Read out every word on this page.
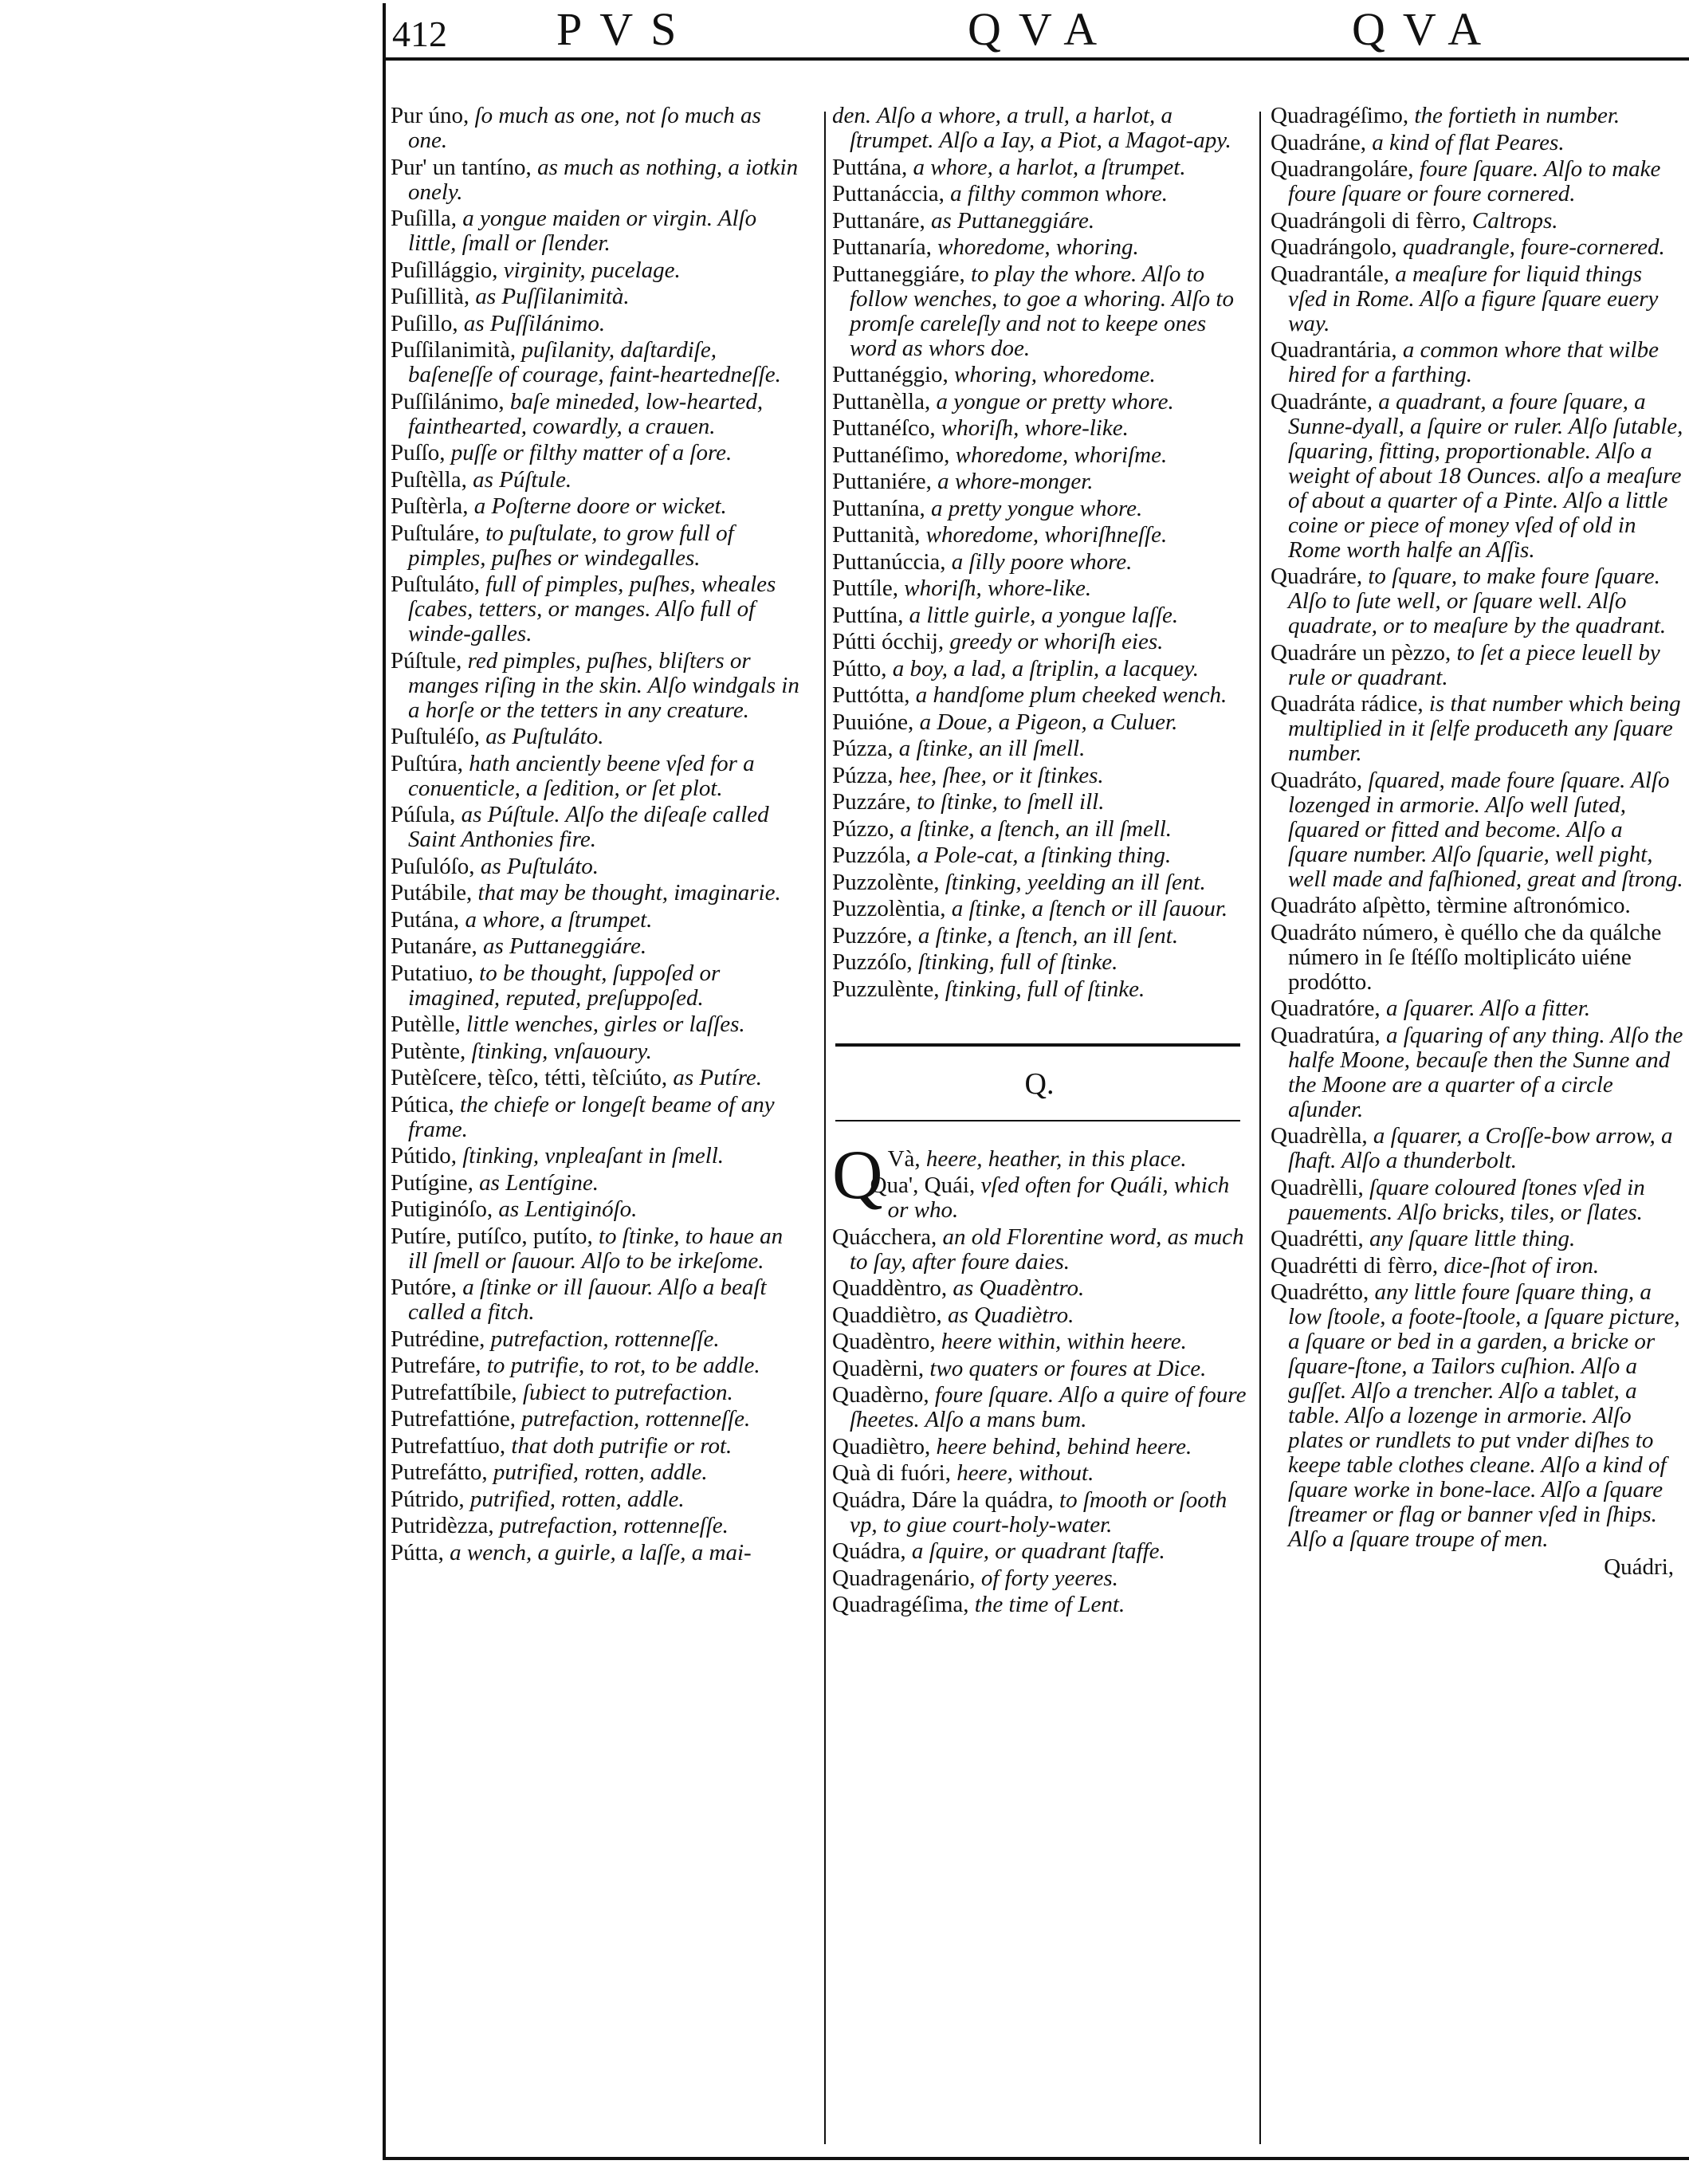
412 PVS	QVA	QVA

Pur úno, ſo much as one, not ſo much as one.

Pur' un tantíno, as much as nothing, a iotkin onely.

Puſilla, a yongue maiden or virgin. Alſo little, ſmall or ſlender.

Puſillággio, virginity, pucelage.

Puſillità, as Puſſilanimità.

Puſillo, as Puſſilánimo.

Puſſilanimità, puſilanity, daſtardiſe, baſeneſſe of courage, faint-heartedneſſe.

Puſſilánimo, baſe mineded, low-hearted, fainthearted, cowardly, a crauen.

Puſſo, puſſe or filthy matter of a ſore.

Puſtèlla, as Púſtule.

Puſtèrla, a Poſterne doore or wicket.

Puſtuláre, to puſtulate, to grow full of pimples, puſhes or windegalles.

Puſtuláto, full of pimples, puſhes, wheales ſcabes, tetters, or manges. Alſo full of winde-galles.

Púſtule, red pimples, puſhes, bliſters or manges riſing in the skin. Alſo windgals in a horſe or the tetters in any creature.

Puſtuléſo, as Puſtuláto.

Puſtúra, hath anciently beene vſed for a conuenticle, a ſedition, or ſet plot.

Púſula, as Púſtule. Alſo the diſeaſe called Saint Anthonies fire.

Puſulóſo, as Puſtuláto.

Putábile, that may be thought, imaginarie.

Putána, a whore, a ſtrumpet.

Putanáre, as Puttaneggiáre.

Putatiuo, to be thought, ſuppoſed or imagined, reputed, preſuppoſed.

Putèlle, little wenches, girles or laſſes.

Putènte, ſtinking, vnſauoury.

Putèſcere, tèſco, tétti, tèſciúto, as Putíre.

Pútica, the chiefe or longeſt beame of any frame.

Pútido, ſtinking, vnpleaſant in ſmell.

Putígine, as Lentígine.

Putiginóſo, as Lentiginóſo.

Putíre, putíſco, putíto, to ſtinke, to haue an ill ſmell or ſauour. Alſo to be irkeſome.

Putóre, a ſtinke or ill ſauour. Alſo a beaſt called a fitch.

Putrédine, putrefaction, rottenneſſe.

Putrefáre, to putrifie, to rot, to be addle.

Putrefattíbile, ſubiect to putrefaction.

Putrefattióne, putrefaction, rottenneſſe.

Putrefattíuo, that doth putrifie or rot.

Putrefátto, putrified, rotten, addle.

Pútrido, putrified, rotten, addle.

Putridèzza, putrefaction, rottenneſſe.

Pútta, a wench, a guirle, a laſſe, a mai-

den. Alſo a whore, a trull, a harlot, a ſtrumpet. Alſo a Iay, a Piot, a Magot-apy.

Puttána, a whore, a harlot, a ſtrumpet.

Puttanáccia, a filthy common whore.

Puttanáre, as Puttaneggiáre.

Puttanaría, whoredome, whoring.

Puttaneggiáre, to play the whore. Alſo to follow wenches, to goe a whoring. Alſo to promſe careleſly and not to keepe ones word as whors doe.

Puttanéggio, whoring, whoredome.

Puttanèlla, a yongue or pretty whore.

Puttanéſco, whoriſh, whore-like.

Puttanéſimo, whoredome, whoriſme.

Puttaniére, a whore-monger.

Puttanína, a pretty yongue whore.

Puttanità, whoredome, whoriſhneſſe.

Puttanúccia, a ſilly poore whore.

Puttíle, whoriſh, whore-like.

Puttína, a little guirle, a yongue laſſe.

Pútti ócchij, greedy or whoriſh eies.

Pútto, a boy, a lad, a ſtriplin, a lacquey.

Puttótta, a handſome plum cheeked wench.

Puuióne, a Doue, a Pigeon, a Culuer.

Púzza, a ſtinke, an ill ſmell.

Púzza, hee, ſhee, or it ſtinkes.

Puzzáre, to ſtinke, to ſmell ill.

Púzzo, a ſtinke, a ſtench, an ill ſmell.

Puzzóla, a Pole-cat, a ſtinking thing.

Puzzolènte, ſtinking, yeelding an ill ſent.

Puzzolèntia, a ſtinke, a ſtench or ill ſauour.

Puzzóre, a ſtinke, a ſtench, an ill ſent.

Puzzóſo, ſtinking, full of ſtinke.

Puzzulènte, ſtinking, full of ſtinke.

Q.

Q Và, heere, heather, in this place.

Qua', Quái, vſed often for Quáli, which or who.

Quácchera, an old Florentine word, as much to ſay, after foure daies.

Quaddèntro, as Quadèntro.

Quaddiètro, as Quadiètro.

Quadèntro, heere within, within heere.

Quadèrni, two quaters or foures at Dice.

Quadèrno, foure ſquare. Alſo a quire of foure ſheetes. Alſo a mans bum.

Quadiètro, heere behind, behind heere.

Quà di fuóri, heere, without.

Quádra, Dáre la quádra, to ſmooth or ſooth vp, to giue court-holy-water.

Quádra, a ſquire, or quadrant ſtaffe.

Quadragenário, of forty yeeres.

Quadragéſima, the time of Lent.

Quadragéſimo, the fortieth in number.

Quadráne, a kind of flat Peares.

Quadrangoláre, foure ſquare. Alſo to make foure ſquare or foure cornered.

Quadrángoli di fèrro, Caltrops.

Quadrángolo, quadrangle, foure-cornered.

Quadrantále, a meaſure for liquid things vſed in Rome. Alſo a figure ſquare euery way.

Quadrantária, a common whore that wilbe hired for a farthing.

Quadránte, a quadrant, a foure ſquare, a Sunne-dyall, a ſquire or ruler. Alſo ſutable, ſquaring, fitting, proportionable. Alſo a weight of about 18 Ounces. alſo a meaſure of about a quarter of a Pinte. Alſo a little coine or piece of money vſed of old in Rome worth halfe an Aſſis.

Quadráre, to ſquare, to make foure ſquare. Alſo to ſute well, or ſquare well. Alſo quadrate, or to meaſure by the quadrant.

Quadráre un pèzzo, to ſet a piece leuell by rule or quadrant.

Quadráta rádice, is that number which being multiplied in it ſelfe produceth any ſquare number.

Quadráto, ſquared, made foure ſquare. Alſo lozenged in armorie. Alſo well ſuted, ſquared or fitted and become. Alſo a ſquare number. Alſo ſquarie, well pight, well made and faſhioned, great and ſtrong.

Quadráto aſpètto, tèrmine aſtronómico.

Quadráto número, è quéllo che da quálche número in ſe ſtéſſo moltiplicáto uiéne prodótto.

Quadratóre, a ſquarer. Alſo a fitter.

Quadratúra, a ſquaring of any thing. Alſo the halfe Moone, becauſe then the Sunne and the Moone are a quarter of a circle aſunder.

Quadrèlla, a ſquarer, a Croſſe-bow arrow, a ſhaft. Alſo a thunderbolt.

Quadrèlli, ſquare coloured ſtones vſed in pauements. Alſo bricks, tiles, or ſlates.

Quadrétti, any ſquare little thing.

Quadrétti di fèrro, dice-ſhot of iron.

Quadrétto, any little foure ſquare thing, a low ſtoole, a foote-ſtoole, a ſquare picture, a ſquare or bed in a garden, a bricke or ſquare-ſtone, a Tailors cuſhion. Alſo a guſſet. Alſo a trencher. Alſo a tablet, a table. Alſo a lozenge in armorie. Alſo plates or rundlets to put vnder diſhes to keepe table clothes cleane. Alſo a kind of ſquare worke in bone-lace. Alſo a ſquare ſtreamer or flag or banner vſed in ſhips. Alſo a ſquare troupe of men.

Quádri,
